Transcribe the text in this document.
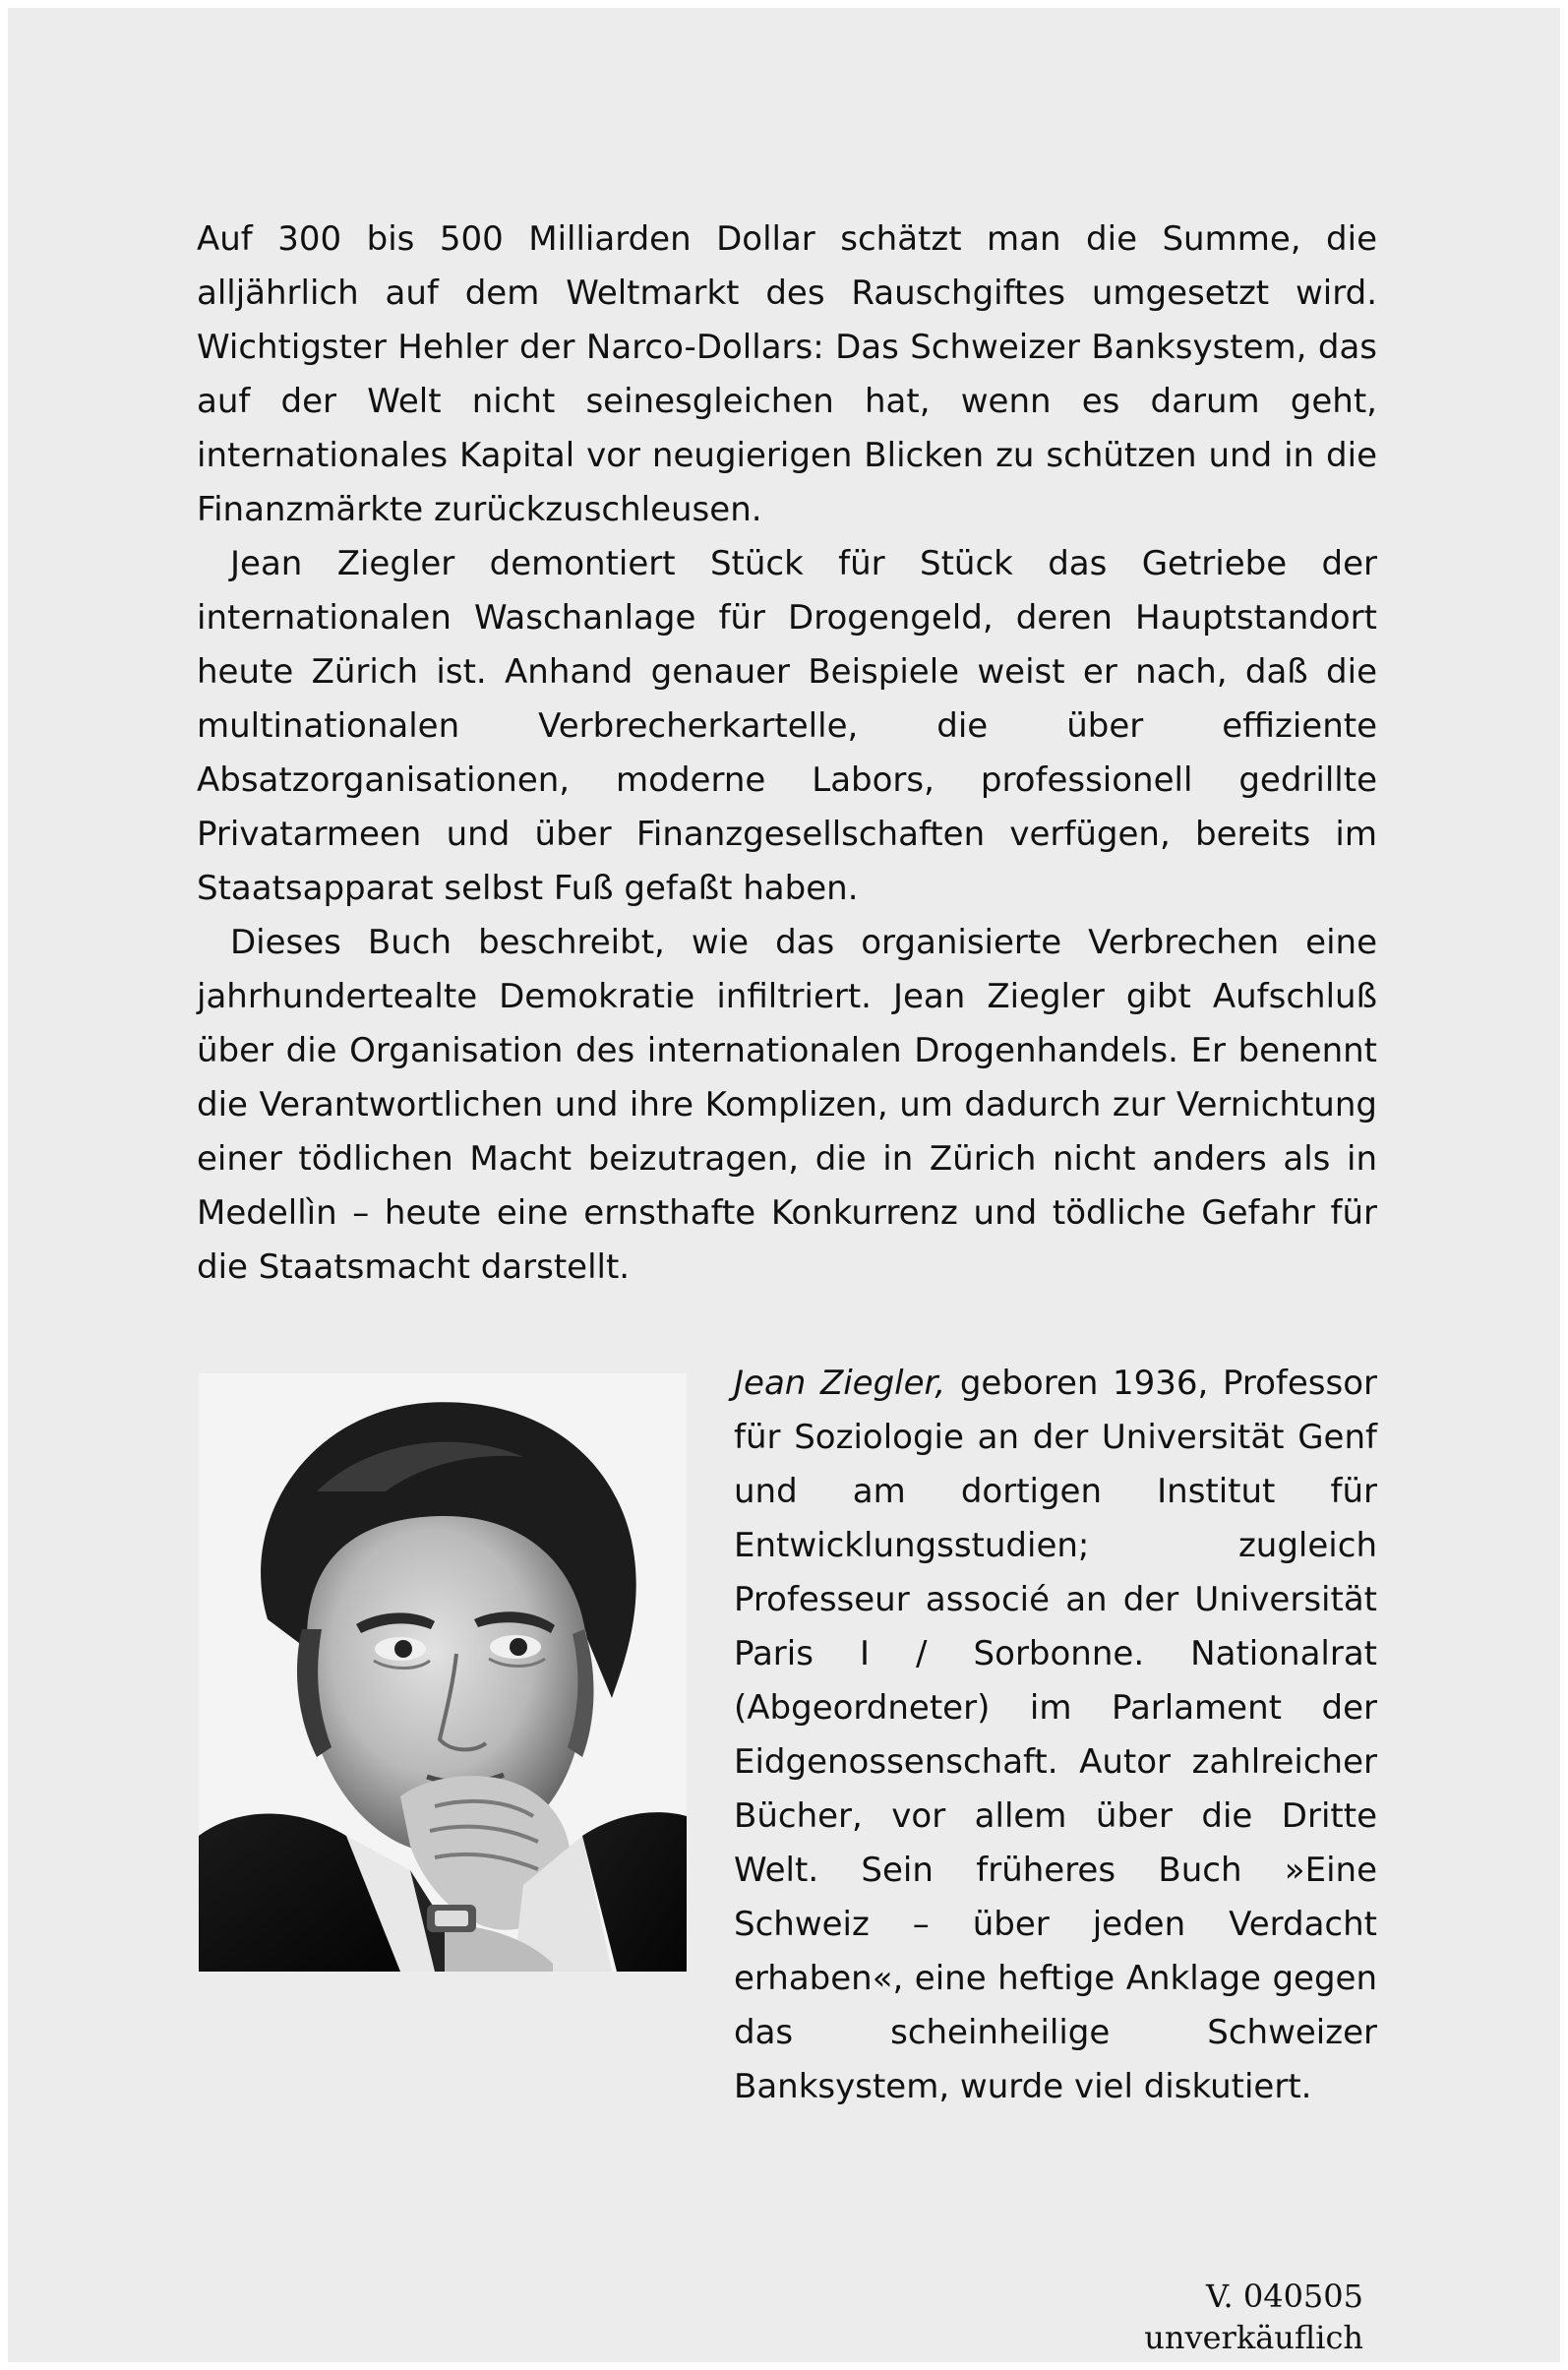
Auf 300 bis 500 Milliarden Dollar schätzt man die Summe, die alljährlich auf dem Weltmarkt des Rauschgiftes umgesetzt wird. Wichtigster Hehler der Narco-Dollars: Das Schweizer Banksystem, das auf der Welt nicht seinesgleichen hat, wenn es darum geht, internationales Kapital vor neugierigen Blicken zu schützen und in die Finanzmärkte zurückzuschleusen.

Jean Ziegler demontiert Stück für Stück das Getriebe der internationalen Waschanlage für Drogengeld, deren Hauptstandort heute Zürich ist. Anhand genauer Beispiele weist er nach, daß die multinationalen Verbrecherkartelle, die über effiziente Absatzorganisationen, moderne Labors, professionell gedrillte Privatarmeen und über Finanzgesellschaften verfügen, bereits im Staatsapparat selbst Fuß gefaßt haben.

Dieses Buch beschreibt, wie das organisierte Verbrechen eine jahrhundertealte Demokratie infiltriert. Jean Ziegler gibt Aufschluß über die Organisation des internationalen Drogenhandels. Er benennt die Verantwortlichen und ihre Komplizen, um dadurch zur Vernichtung einer tödlichen Macht beizutragen, die in Zürich nicht anders als in Medellìn – heute eine ernsthafte Konkurrenz und tödliche Gefahr für die Staatsmacht darstellt.

Jean Ziegler, geboren 1936, Professor für Soziologie an der Universität Genf und am dortigen Institut für Entwicklungsstudien; zugleich Professeur associé an der Universität Paris I / Sorbonne. Nationalrat (Abgeordneter) im Parlament der Eidgenossenschaft. Autor zahlreicher Bücher, vor allem über die Dritte Welt. Sein früheres Buch »Eine Schweiz – über jeden Verdacht erhaben«, eine heftige Anklage gegen das scheinheilige Schweizer Banksystem, wurde viel diskutiert.

V. 040505
unverkäuflich
